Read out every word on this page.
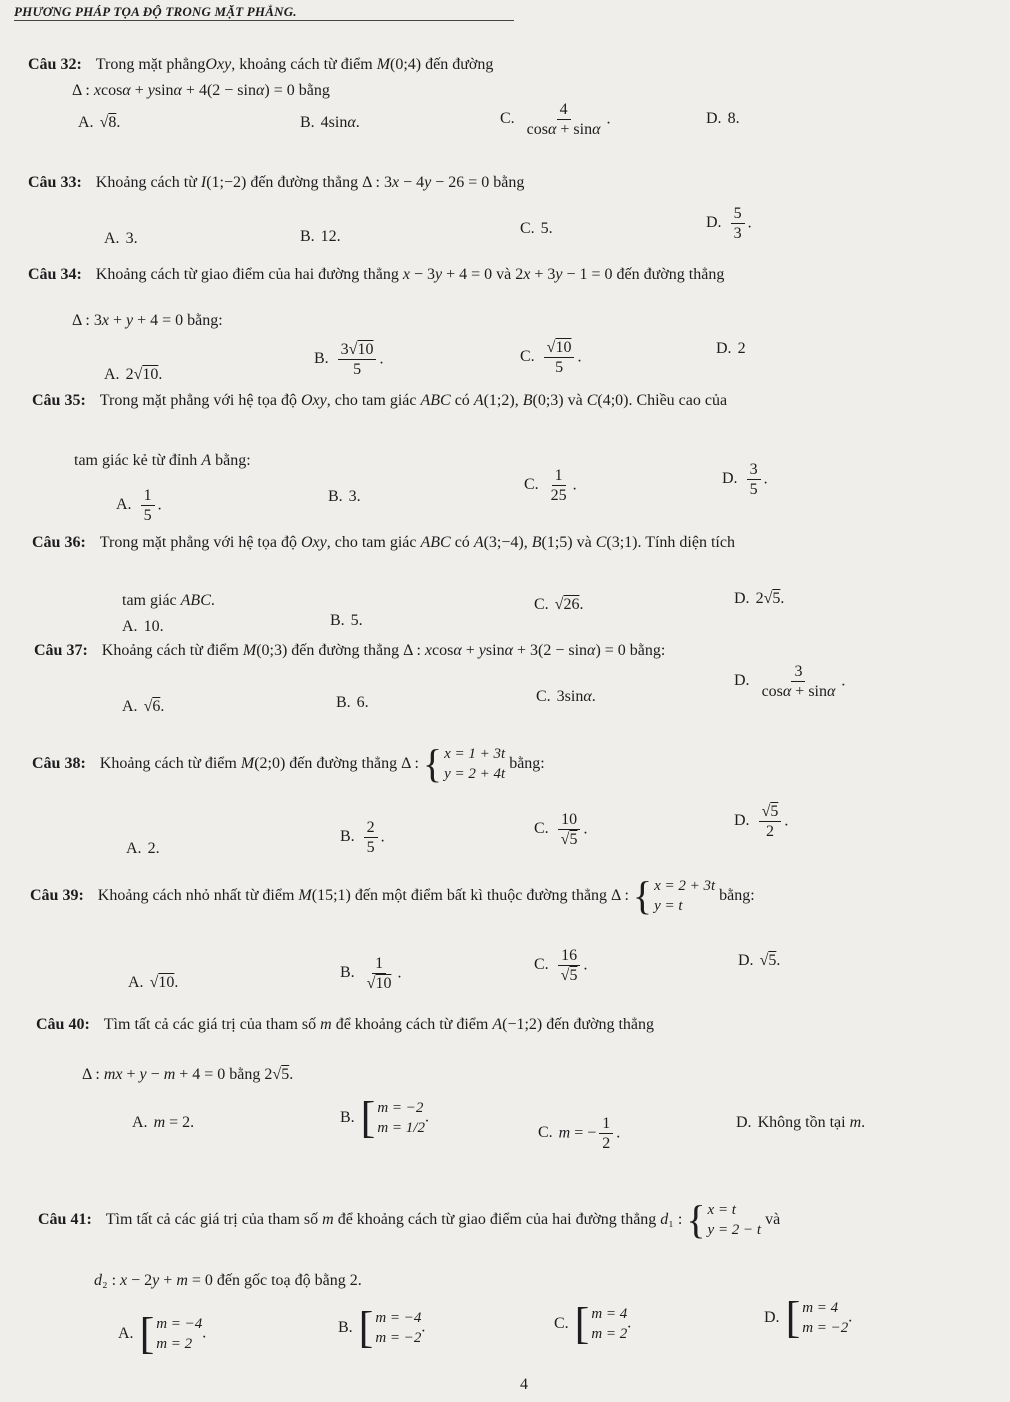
PHƯƠNG PHÁP TỌA ĐỘ TRONG MẶT PHẲNG.
Câu 32: Trong mặt phẳngOxy, khoảng cách từ điểm M(0;4) đến đường
Δ : xcosα + ysinα + 4(2 − sinα) = 0 bằng
A. √8.	B. 4sinα.	C. $\frac{4}{\cos\alpha + \sin\alpha}$ .	D. 8.
Câu 33: Khoảng cách từ I(1;−2) đến đường thẳng Δ : 3x − 4y − 26 = 0 bằng
A. 3.	B. 12.	C. 5.	D. $\frac{5}{3}$ .
Câu 34: Khoảng cách từ giao điểm của hai đường thẳng x − 3y + 4 = 0 và 2x + 3y − 1 = 0 đến đường thẳng
Δ : 3x + y + 4 = 0 bằng:
A. 2√10.
B. $\frac{3√10}{5}$ .	C. $\frac{√10}{5}$ .	D. 2
Câu 35: Trong mặt phẳng với hệ tọa độ Oxy, cho tam giác ABC có A(1;2), B(0;3) và C(4;0). Chiều cao của
tam giác kẻ từ đỉnh A bằng:
A. $\frac{1}{5}$ .	B. 3.
C. $\frac{1}{25}$ .	D. $\frac{3}{5}$ .
Câu 36: Trong mặt phẳng với hệ tọa độ Oxy, cho tam giác ABC có A(3;−4), B(1;5) và C(3;1). Tính diện tích
tam giác ABC.
A. 10.	B. 5.
C. √26.	D. 2√5.
Câu 37: Khoảng cách từ điểm M(0;3) đến đường thẳng Δ : xcosα + ysinα + 3(2 − sinα) = 0 bằng:
A. √6.	B. 6.	C. 3sinα.
D. $\frac{3}{\cos\alpha + \sin\alpha}$ .
Câu 38: Khoảng cách từ điểm M(2;0) đến đường thẳng Δ : { x = 1 + 3t
y = 2 + 4t
bằng:
A. 2.
B. $\frac{2}{5}$ .	C. $\frac{10}{√5}$ .	D. $\frac{√5}{2}$ .
Câu 39: Khoảng cách nhỏ nhất từ điểm M(15;1) đến một điểm bất kì thuộc đường thẳng Δ : { x = 2 + 3t
y = t
bằng:
A. √10.
B. $\frac{1}{√10}$ .	C. $\frac{16}{√5}$ .	D. √5.
Câu 40: Tìm tất cả các giá trị của tham số m để khoảng cách từ điểm A(−1;2) đến đường thẳng
Δ : mx + y − m + 4 = 0 bằng 2√5.
A. m = 2.	B. [ m = −2
m = 1/2
.
C. m = − $\frac{1}{2}$ .
D. Không tồn tại m.
Câu 41: Tìm tất cả các giá trị của tham số m để khoảng cách từ giao điểm của hai đường thẳng d₁ : { x = t
y = 2 − t
và
d₂ : x − 2y + m = 0 đến gốc toạ độ bằng 2.
A. [ m = −4
m = 2
.	B. [ m = −4
m = −2
.	C. [ m = 4
m = 2
.	D. [ m = 4
m = −2
.
4
